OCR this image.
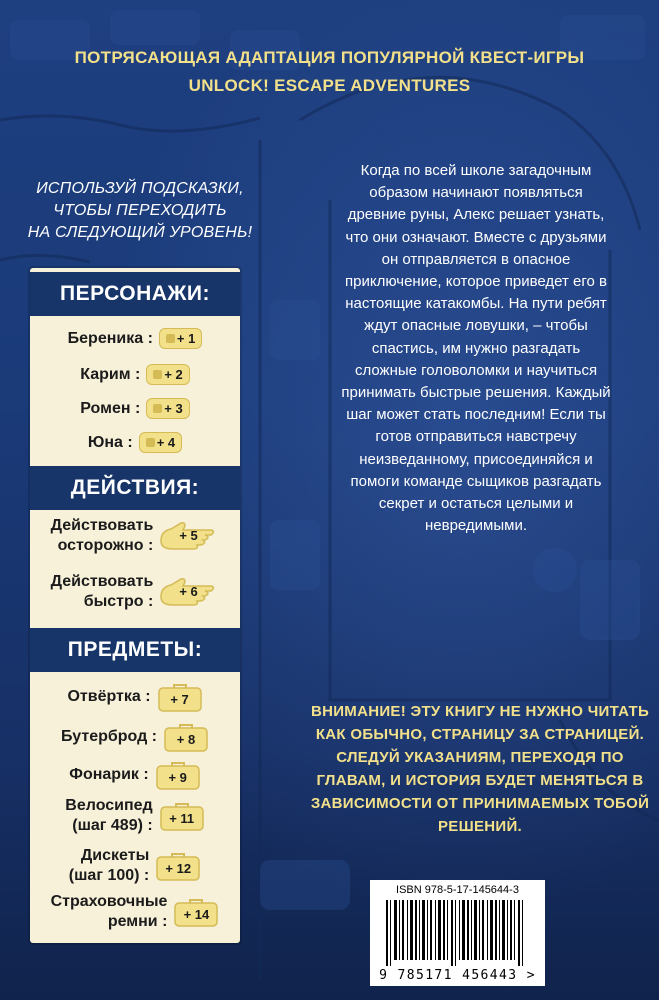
ПОТРЯСАЮЩАЯ АДАПТАЦИЯ ПОПУЛЯРНОЙ КВЕСТ-ИГРЫ
UNLOCK! ESCAPE ADVENTURES
ИСПОЛЬЗУЙ ПОДСКАЗКИ,
ЧТОБЫ ПЕРЕХОДИТЬ
НА СЛЕДУЮЩИЙ УРОВЕНЬ!
ПЕРСОНАЖИ:
Береника : + 1
Карим : + 2
Ромен : + 3
Юна : + 4
ДЕЙСТВИЯ:
Действовать
осторожно :
+ 5
Действовать
быстро :
+ 6
ПРЕДМЕТЫ:
Отвёртка :	+ 7
Бутерброд :	+ 8
Фонарик :	+ 9
Велосипед
(шаг 489) :	+ 11
Дискеты
(шаг 100) :	+ 12
Страховочные
ремни :	+ 14
Когда по всей школе загадочным образом начинают появляться древние руны, Алекс решает узнать, что они означают. Вместе с друзьями он отправляется в опасное приключение, которое приведет его в настоящие катакомбы. На пути ребят ждут опасные ловушки, – чтобы спастись, им нужно разгадать сложные головоломки и научиться принимать быстрые решения. Каждый шаг может стать последним! Если ты готов отправиться навстречу неизведанному, присоединяйся и помоги команде сыщиков разгадать секрет и остаться целыми и невредимыми.
ВНИМАНИЕ! ЭТУ КНИГУ НЕ НУЖНО ЧИТАТЬ КАК ОБЫЧНО, СТРАНИЦУ ЗА СТРАНИЦЕЙ. СЛЕДУЙ УКАЗАНИЯМ, ПЕРЕХОДЯ ПО ГЛАВАМ, И ИСТОРИЯ БУДЕТ МЕНЯТЬСЯ В ЗАВИСИМОСТИ ОТ ПРИНИМАЕМЫХ ТОБОЙ РЕШЕНИЙ.
ISBN 978-5-17-145644-3
9 785171 456443 >
